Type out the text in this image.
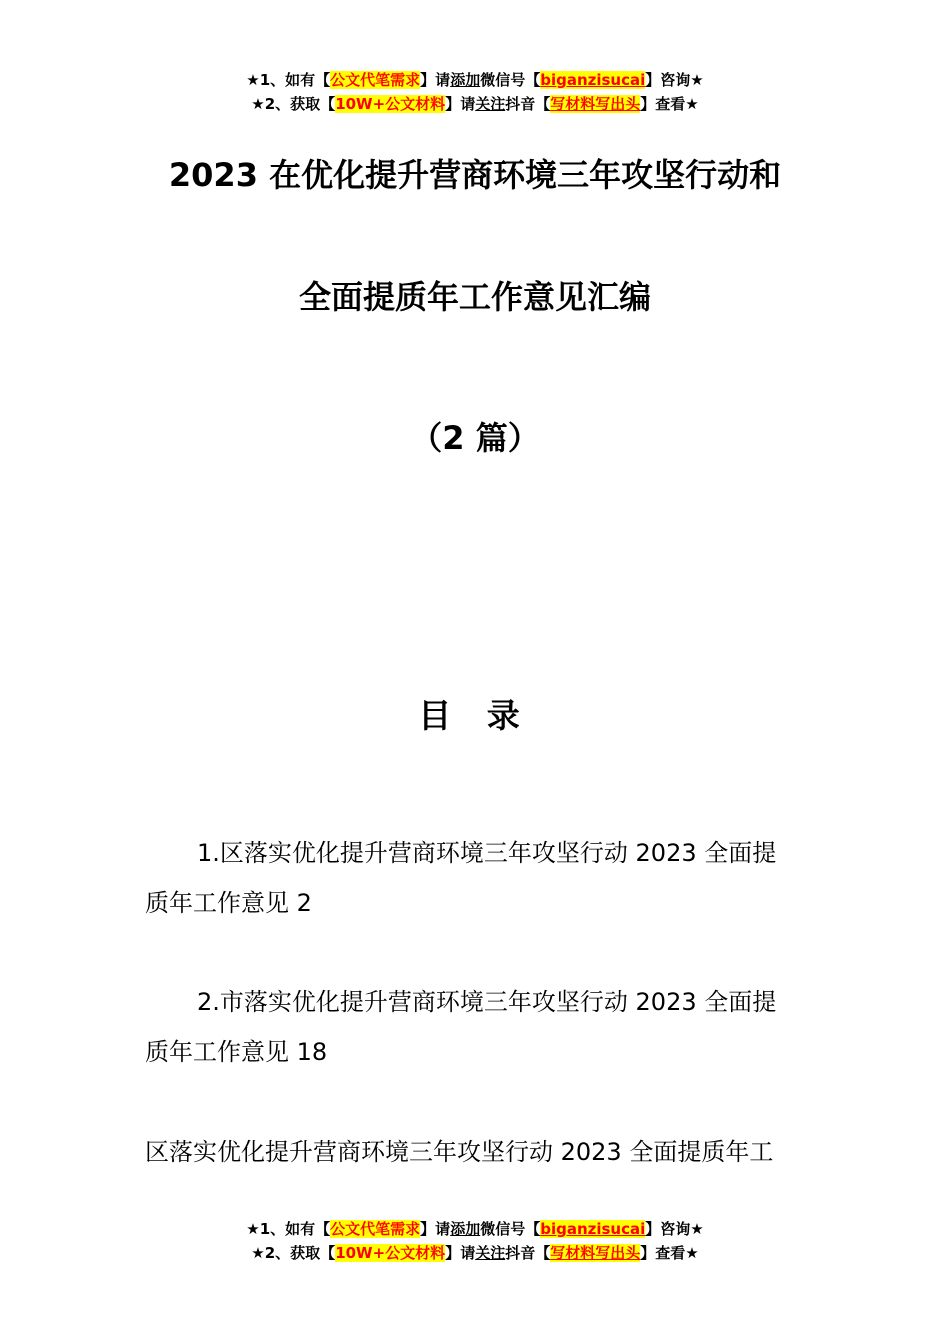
★1、如有【公文代笔需求】请添加微信号【biganzisucai】咨询★
★2、获取【10W+公文材料】请关注抖音【写材料写出头】查看★
2023 在优化提升营商环境三年攻坚行动和
全面提质年工作意见汇编
（2 篇）
目 录
1.区落实优化提升营商环境三年攻坚行动 2023 全面提
质年工作意见 2
2.市落实优化提升营商环境三年攻坚行动 2023 全面提
质年工作意见 18
区落实优化提升营商环境三年攻坚行动 2023 全面提质年工
★1、如有【公文代笔需求】请添加微信号【biganzisucai】咨询★
★2、获取【10W+公文材料】请关注抖音【写材料写出头】查看★
